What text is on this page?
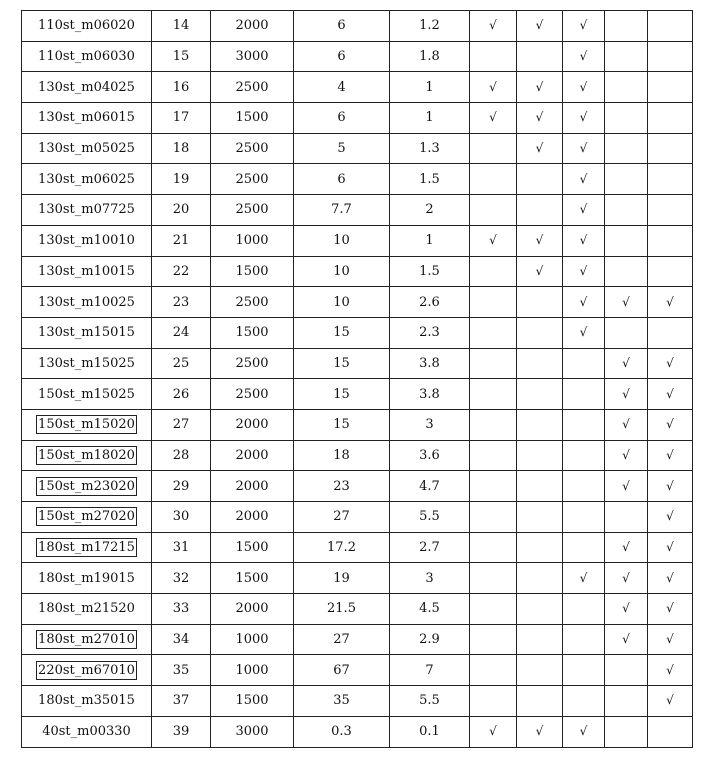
110st_m06020	14	2000	6	1.2	√	√	√		
110st_m06030	15	3000	6	1.8			√		
130st_m04025	16	2500	4	1	√	√	√		
130st_m06015	17	1500	6	1	√	√	√		
130st_m05025	18	2500	5	1.3		√	√		
130st_m06025	19	2500	6	1.5			√		
130st_m07725	20	2500	7.7	2			√		
130st_m10010	21	1000	10	1	√	√	√		
130st_m10015	22	1500	10	1.5		√	√		
130st_m10025	23	2500	10	2.6			√	√	√
130st_m15015	24	1500	15	2.3			√		
130st_m15025	25	2500	15	3.8				√	√
150st_m15025	26	2500	15	3.8				√	√
150st_m15020	27	2000	15	3				√	√
150st_m18020	28	2000	18	3.6				√	√
150st_m23020	29	2000	23	4.7				√	√
150st_m27020	30	2000	27	5.5					√
180st_m17215	31	1500	17.2	2.7				√	√
180st_m19015	32	1500	19	3			√	√	√
180st_m21520	33	2000	21.5	4.5				√	√
180st_m27010	34	1000	27	2.9				√	√
220st_m67010	35	1000	67	7					√
180st_m35015	37	1500	35	5.5					√
40st_m00330	39	3000	0.3	0.1	√	√	√		
